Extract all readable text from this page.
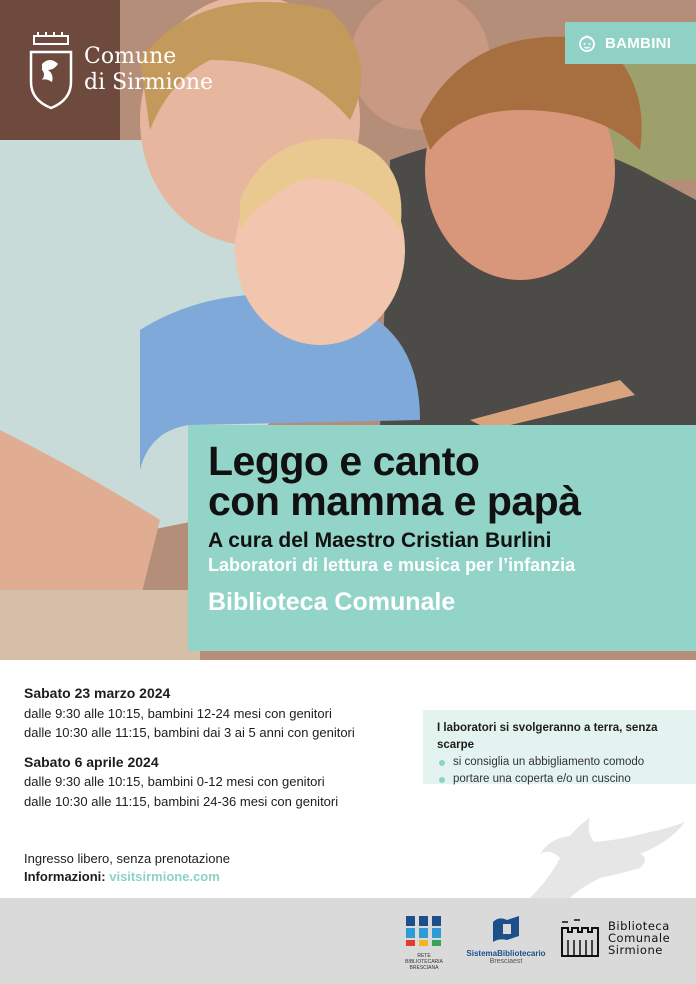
Comune
di Sirmione
BAMBINI
Leggo e canto
con mamma e papà
A cura del Maestro Cristian Burlini
Laboratori di lettura e musica per l’infanzia
Biblioteca Comunale
Sabato 23 marzo 2024
dalle 9:30 alle 10:15, bambini 12-24 mesi con genitori
dalle 10:30 alle 11:15, bambini dai 3 ai 5 anni con genitori
Sabato 6 aprile 2024
dalle 9:30 alle 10:15, bambini 0-12 mesi con genitori
dalle 10:30 alle 11:15, bambini 24-36 mesi con genitori
I laboratori si svolgeranno a terra, senza scarpe
si consiglia un abbigliamento comodo
portare una coperta e/o un cuscino
Ingresso libero, senza prenotazione
Informazioni: visitsirmione.com
RETE BIBLIOTECARIA BRESCIANA
SistemaBibliotecario
Bresciaest
Biblioteca
Comunale
Sirmione
